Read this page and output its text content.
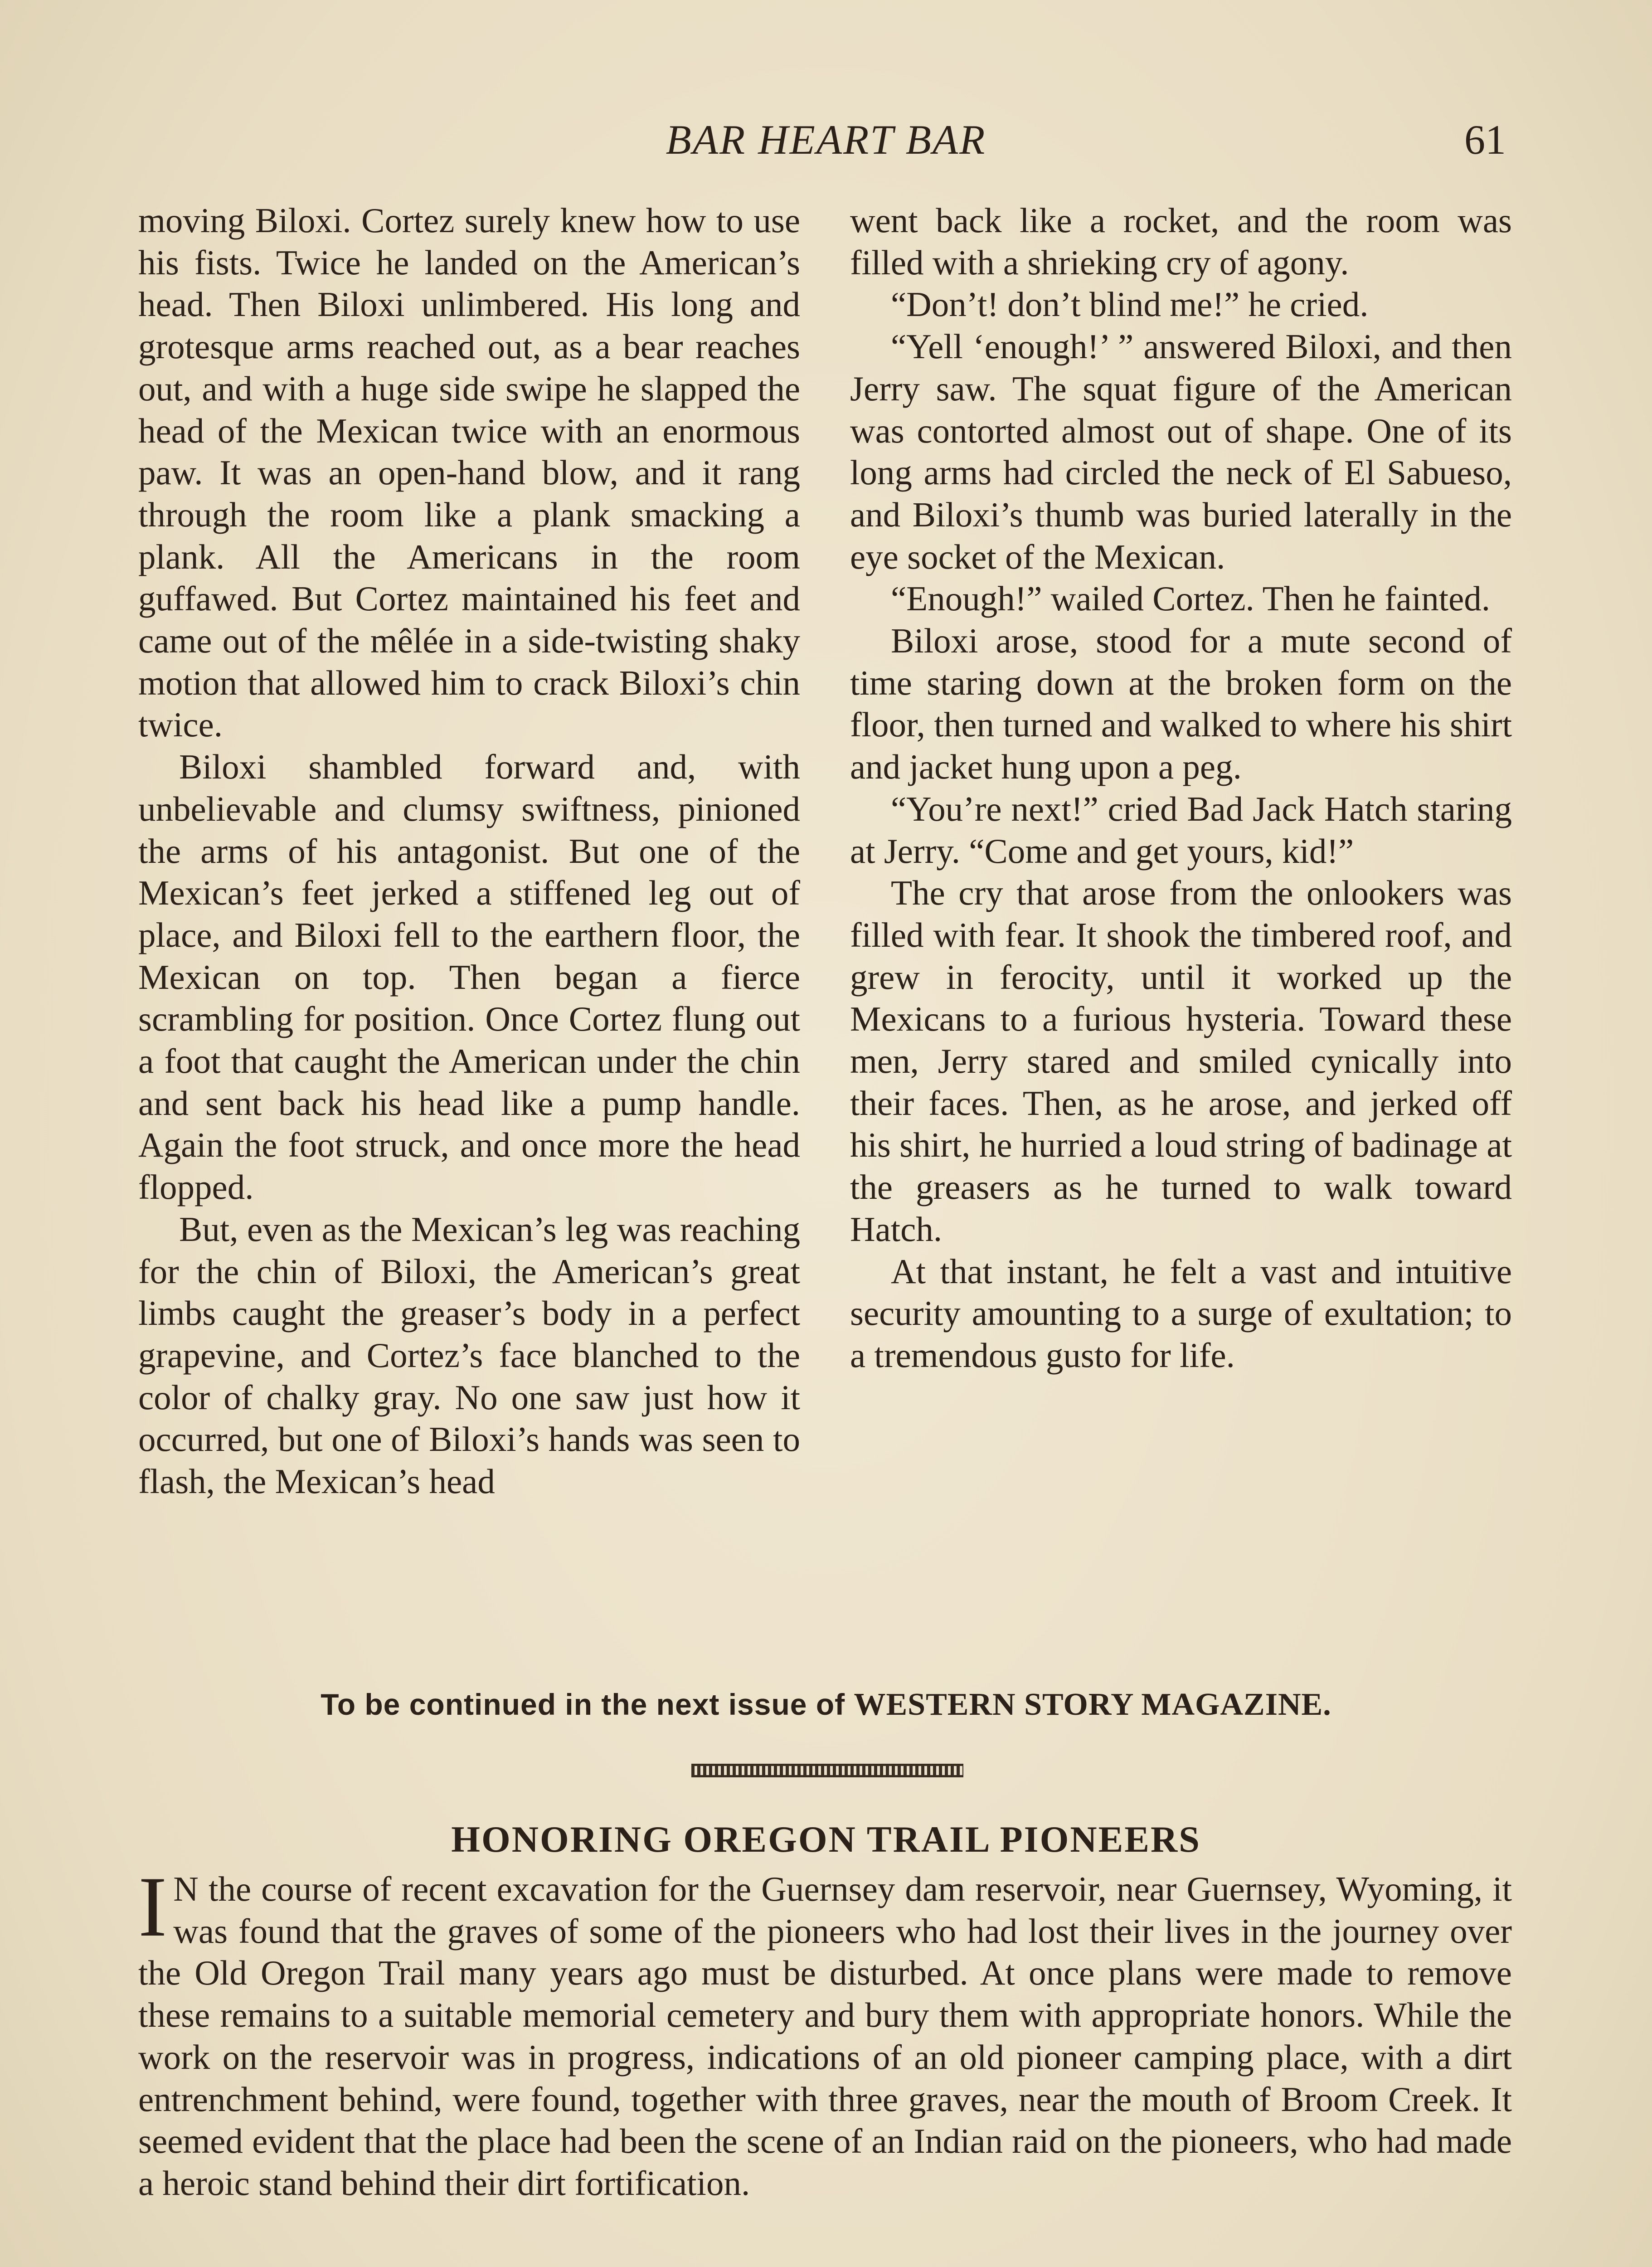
BAR HEART BAR	61

moving Biloxi. Cortez surely knew how to use his fists. Twice he landed on the American’s head. Then Biloxi unlimbered. His long and grotesque arms reached out, as a bear reaches out, and with a huge side swipe he slapped the head of the Mexican twice with an enormous paw. It was an open-hand blow, and it rang through the room like a plank smacking a plank. All the Americans in the room guffawed. But Cortez maintained his feet and came out of the mêlée in a side-twisting shaky motion that allowed him to crack Biloxi’s chin twice.

Biloxi shambled forward and, with unbelievable and clumsy swiftness, pinioned the arms of his antagonist. But one of the Mexican’s feet jerked a stiffened leg out of place, and Biloxi fell to the earthern floor, the Mexican on top. Then began a fierce scrambling for position. Once Cortez flung out a foot that caught the American under the chin and sent back his head like a pump handle. Again the foot struck, and once more the head flopped.

But, even as the Mexican’s leg was reaching for the chin of Biloxi, the American’s great limbs caught the greaser’s body in a perfect grapevine, and Cortez’s face blanched to the color of chalky gray. No one saw just how it occurred, but one of Biloxi’s hands was seen to flash, the Mexican’s head

went back like a rocket, and the room was filled with a shrieking cry of agony.

“Don’t! don’t blind me!” he cried.

“Yell ‘enough!’ ” answered Biloxi, and then Jerry saw. The squat figure of the American was contorted almost out of shape. One of its long arms had circled the neck of El Sabueso, and Biloxi’s thumb was buried laterally in the eye socket of the Mexican.

“Enough!” wailed Cortez. Then he fainted.

Biloxi arose, stood for a mute second of time staring down at the broken form on the floor, then turned and walked to where his shirt and jacket hung upon a peg.

“You’re next!” cried Bad Jack Hatch staring at Jerry. “Come and get yours, kid!”

The cry that arose from the onlookers was filled with fear. It shook the timbered roof, and grew in ferocity, until it worked up the Mexicans to a furious hysteria. Toward these men, Jerry stared and smiled cynically into their faces. Then, as he arose, and jerked off his shirt, he hurried a loud string of badinage at the greasers as he turned to walk toward Hatch.

At that instant, he felt a vast and intuitive security amounting to a surge of exultation; to a tremendous gusto for life.

To be continued in the next issue of WESTERN STORY MAGAZINE.
HONORING OREGON TRAIL PIONEERS

I N the course of recent excavation for the Guernsey dam reservoir, near Guernsey, Wyoming, it was found that the graves of some of the pioneers who had lost their lives in the journey over the Old Oregon Trail many years ago must be disturbed. At once plans were made to remove these remains to a suitable memorial cemetery and bury them with appropriate honors. While the work on the reservoir was in progress, indications of an old pioneer camping place, with a dirt entrenchment behind, were found, together with three graves, near the mouth of Broom Creek. It seemed evident that the place had been the scene of an Indian raid on the pioneers, who had made a heroic stand behind their dirt fortification.
